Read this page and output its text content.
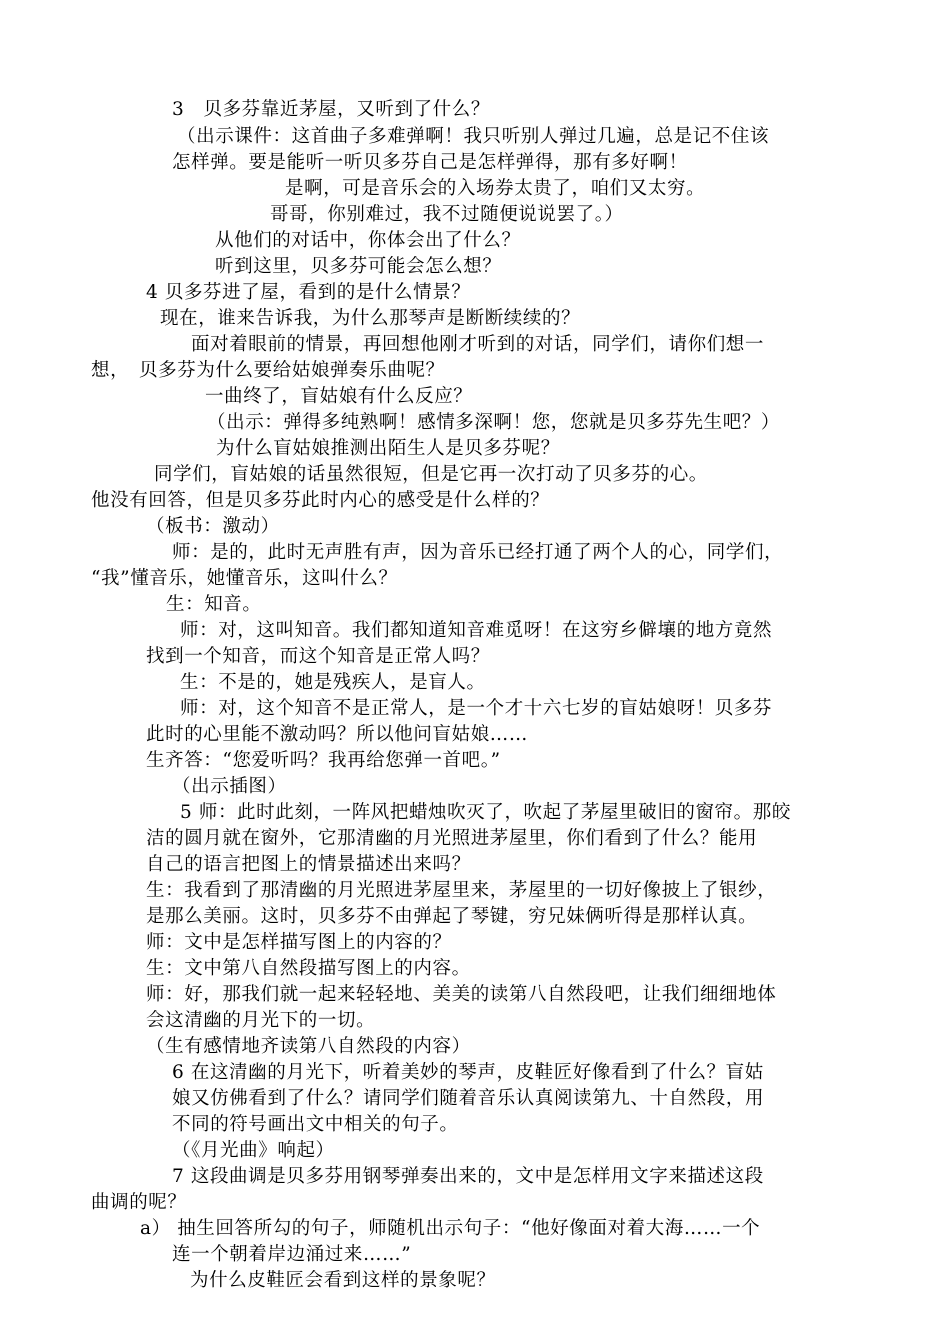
3　贝多芬靠近茅屋，又听到了什么？
（出示课件：这首曲子多难弹啊！我只听别人弹过几遍，总是记不住该
怎样弹。要是能听一听贝多芬自己是怎样弹得，那有多好啊！
是啊，可是音乐会的入场券太贵了，咱们又太穷。
哥哥，你别难过，我不过随便说说罢了。）
从他们的对话中，你体会出了什么？
听到这里，贝多芬可能会怎么想？
4 贝多芬进了屋，看到的是什么情景？
现在，谁来告诉我，为什么那琴声是断断续续的？
面对着眼前的情景，再回想他刚才听到的对话，同学们，请你们想一
想，　贝多芬为什么要给姑娘弹奏乐曲呢？
一曲终了，盲姑娘有什么反应？
（出示：弹得多纯熟啊！感情多深啊！您，您就是贝多芬先生吧？）
为什么盲姑娘推测出陌生人是贝多芬呢？
同学们，盲姑娘的话虽然很短，但是它再一次打动了贝多芬的心。
他没有回答，但是贝多芬此时内心的感受是什么样的？
（板书：激动）
师：是的，此时无声胜有声，因为音乐已经打通了两个人的心，同学们，
“我”懂音乐，她懂音乐，这叫什么？
生：知音。
师：对，这叫知音。我们都知道知音难觅呀！在这穷乡僻壤的地方竟然
找到一个知音，而这个知音是正常人吗？
生：不是的，她是残疾人，是盲人。
师：对，这个知音不是正常人，是一个才十六七岁的盲姑娘呀！贝多芬
此时的心里能不激动吗？所以他问盲姑娘……
生齐答：“您爱听吗？我再给您弹一首吧。”
（出示插图）
5 师：此时此刻，一阵风把蜡烛吹灭了，吹起了茅屋里破旧的窗帘。那皎
洁的圆月就在窗外，它那清幽的月光照进茅屋里，你们看到了什么？能用
自己的语言把图上的情景描述出来吗？
生：我看到了那清幽的月光照进茅屋里来，茅屋里的一切好像披上了银纱，
是那么美丽。这时，贝多芬不由弹起了琴键，穷兄妹俩听得是那样认真。
师：文中是怎样描写图上的内容的？
生：文中第八自然段描写图上的内容。
师：好，那我们就一起来轻轻地、美美的读第八自然段吧，让我们细细地体
会这清幽的月光下的一切。
（生有感情地齐读第八自然段的内容）
6 在这清幽的月光下，听着美妙的琴声，皮鞋匠好像看到了什么？盲姑
娘又仿佛看到了什么？请同学们随着音乐认真阅读第九、十自然段，用
不同的符号画出文中相关的句子。
（《月光曲》响起）
7 这段曲调是贝多芬用钢琴弹奏出来的，文中是怎样用文字来描述这段
曲调的呢？
a） 抽生回答所勾的句子，师随机出示句子：“他好像面对着大海……一个
连一个朝着岸边涌过来……”
为什么皮鞋匠会看到这样的景象呢？
